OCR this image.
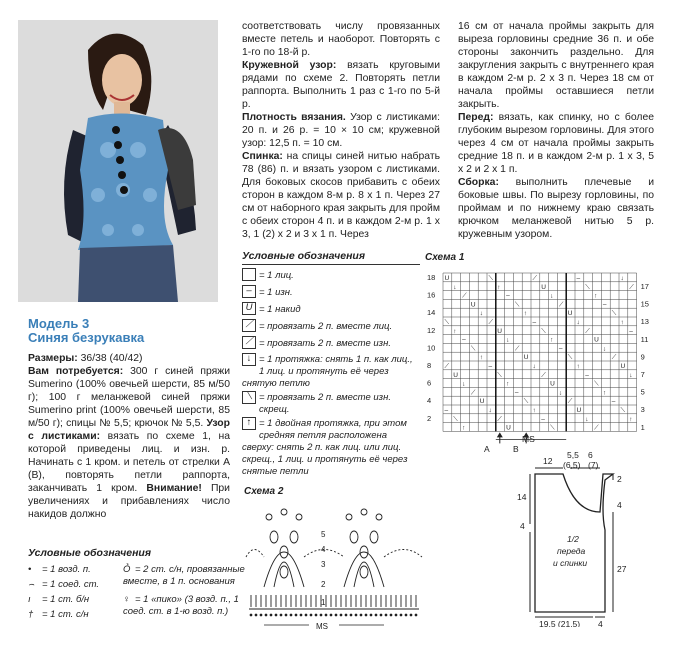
Модель 3
Синяя безрукавка
Размеры: 36/38 (40/42)
Вам потребуется: 300 г синей пряжи Sumerino (100% овечьей шерсти, 85 м/50 г); 100 г меланжевой синей пряжи Sumerino print (100% овечьей шерсти, 85 м/50 г); спицы № 5,5; крючок № 5,5. Узор с листиками: вязать по схеме 1, на которой приведены лиц. и изн. р. Начинать с 1 кром. и петель от стрелки А (В), повторять петли раппорта, заканчивать 1 кром. Внимание! При увеличениях и прибавлениях число накидов должно
соответствовать числу провязанных вместе петель и наоборот. Повторять с 1-го по 18-й р.
Кружевной узор: вязать круговыми рядами по схеме 2. Повторять петли раппорта. Выполнить 1 раз с 1-го по 5-й р.
Плотность вязания. Узор с листиками: 20 п. и 26 р. = 10 × 10 см; кружевной узор: 12,5 п. = 10 см.
Спинка: на спицы синей нитью набрать 78 (86) п. и вязать узором с листиками. Для боковых скосов прибавить с обеих сторон в каждом 8-м р. 8 х 1 п. Через 27 см от наборного края закрыть для пройм с обеих сторон 4 п. и в каждом 2-м р. 1 х 3, 1 (2) х 2 и 3 х 1 п. Через
16 см от начала проймы закрыть для выреза горловины средние 36 п. и обе стороны закончить раздельно. Для закругления закрыть с внутреннего края в каждом 2-м р. 2 х 3 п. Через 18 см от начала проймы оставшиеся петли закрыть.
Перед: вязать, как спинку, но с более глубоким вырезом горловины. Для этого через 4 см от начала проймы закрыть средние 18 п. и в каждом 2-м р. 1 х 3, 5 х 2 и 2 х 1 п.
Сборка: выполнить плечевые и боковые швы. По вырезу горловины, по проймам и по нижнему краю связать крючком меланжевой нитью 5 р. кружевным узором.
Условные обозначения
= 1 лиц.
– = 1 изн.
U = 1 накид
⟋ = провязать 2 п. вместе лиц.
⟋ = провязать 2 п. вместе изн.
↓ = 1 протяжка: снять 1 п. как лиц., 1 лиц. и протянуть её через снятую петлю
⟍ = провязать 2 п. вместе изн. скрещ.
↑ = 1 двойная протяжка, при этом средняя петля расположена сверху: снять 2 п. как лиц. или лиц. скрещ., 1 лиц. и протянуть её через снятые петли
Схема 1
U	⟍	⟋	–	↓
↓	↑	U	⟍	⟋
⟋	–	↓	↑
U	⟍	⟋	–
↓	↑	U	⟍
⟍	⟋	–	↓	↑
↑	U	⟍	⟋	–
–	↓	↑	U
⟍	⟋	–	↓
↑	U	⟍	⟋
⟋	–	↓	↑	U
U	⟍	⟋	–	↓
↓	↑	U	⟍
⟋	–	↓	↑
U	⟍	⟋	–
–	↓	↑	U	⟍
⟍	⟋	–	↓	↑
↑	U	⟍	⟋
18
16
14
12
10
8
6
4
2
17
15
13
11
9
7
5
3
1
A	B
MS
Схема 2
5
4
3
2
1
MS
Условные обозначения
• = 1 возд. п.
⌢ = 1 соед. ст.
ı = 1 ст. б/н
† = 1 ст. с/н
Ỏ = 2 ст. с/н, провязанные вместе, в 1 п. основания
♀ = 1 «пико» (3 возд. п., 1 соед. ст. в 1-ю возд. п.)
12
5,5 6
(6,5) (7)
14
4
2
4
27
19,5 (21,5) 4
1/2
переда
и спинки
